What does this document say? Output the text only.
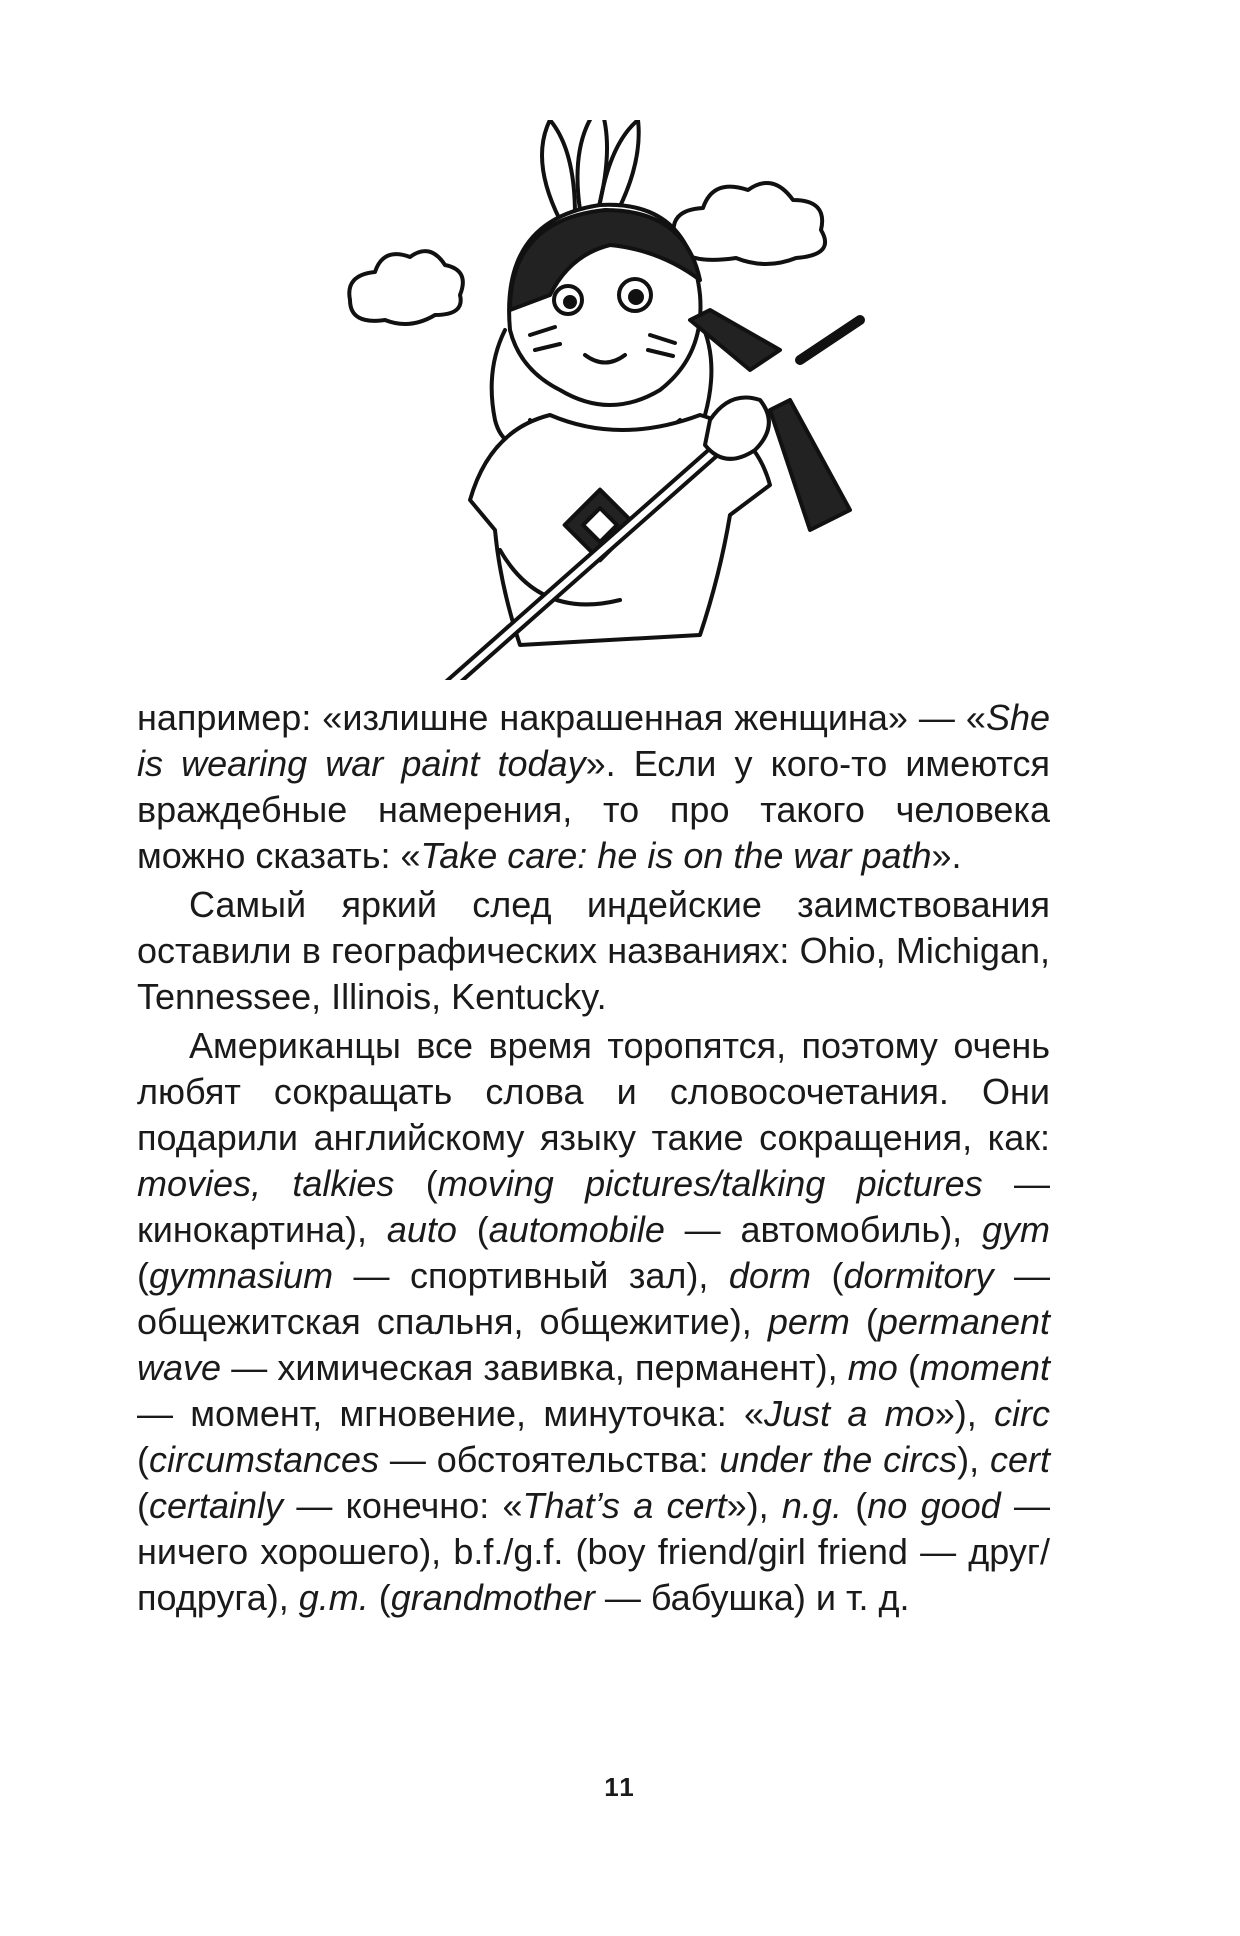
например: «излишне накрашенная женщина» — «She is wearing war paint today». Если у кого-то имеются враждебные намерения, то про такого человека можно сказать: «Take care: he is on the war path».

Самый яркий след индейские заимствования оставили в географических названиях: Ohio, Michigan, Tennessee, Illinois, Kentucky.

Американцы все время торопятся, поэтому очень любят сокращать слова и словосочетания. Они подарили английскому языку такие сокращения, как: movies, talkies (moving pictures/talking pictures — кинокартина), auto (automobile — автомобиль), gym (gymnasium — спортивный зал), dorm (dormitory — общежитская спальня, общежитие), perm (permanent wave — химическая завивка, перманент), mo (moment — момент, мгновение, минуточка: «Just a mo»), circ (circumstances — обстоятельства: under the circs), cert (certainly — конечно: «That’s a cert»), n.g. (no good — ничего хорошего), b.f./g.f. (boy friend/girl friend — друг/подруга), g.m. (grandmother — бабушка) и т. д.

11
